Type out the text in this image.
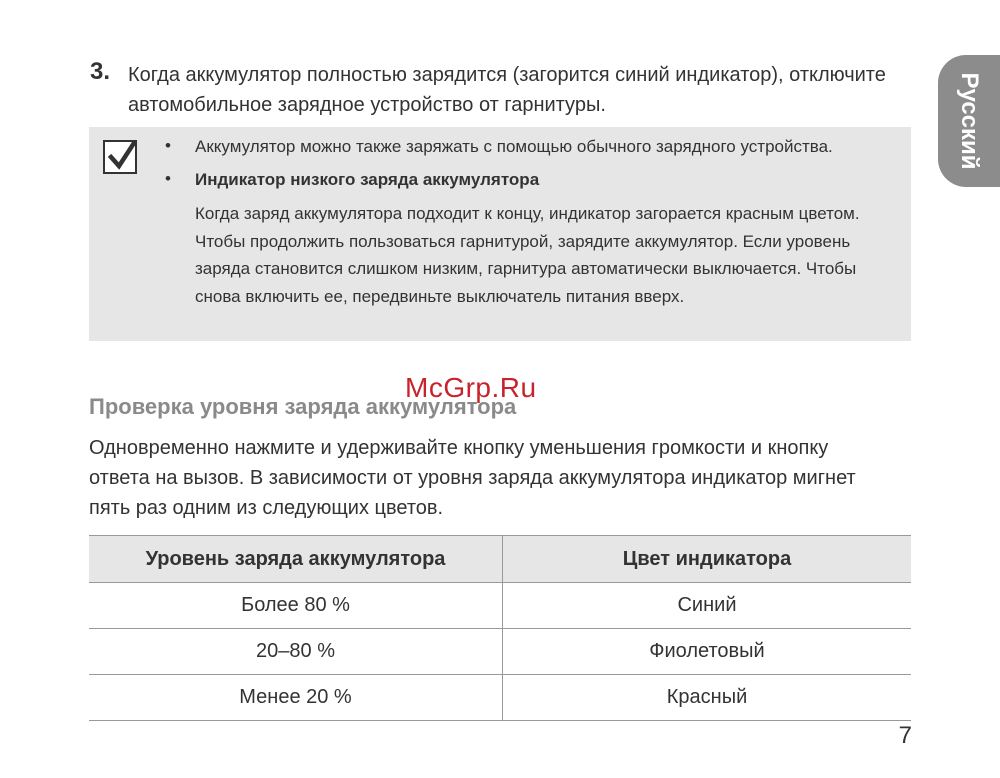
3. Когда аккумулятор полностью зарядится (загорится синий индикатор), отключите автомобильное зарядное устройство от гарнитуры.	Русский
• Аккумулятор можно также заряжать с помощью обычного зарядного устройства.
• Индикатор низкого заряда аккумулятора
Когда заряд аккумулятора подходит к концу, индикатор загорается красным цветом. Чтобы продолжить пользоваться гарнитурой, зарядите аккумулятор. Если уровень заряда становится слишком низким, гарнитура автоматически выключается. Чтобы снова включить ее, передвиньте выключатель питания вверх.
McGrp.Ru
Проверка уровня заряда аккумулятора
Одновременно нажмите и удерживайте кнопку уменьшения громкости и кнопку ответа на вызов. В зависимости от уровня заряда аккумулятора индикатор мигнет пять раз одним из следующих цветов.
Уровень заряда аккумулятора	Цвет индикатора
Более 80 %	Синий
20–80 %	Фиолетовый
Менее 20 %	Красный
7
